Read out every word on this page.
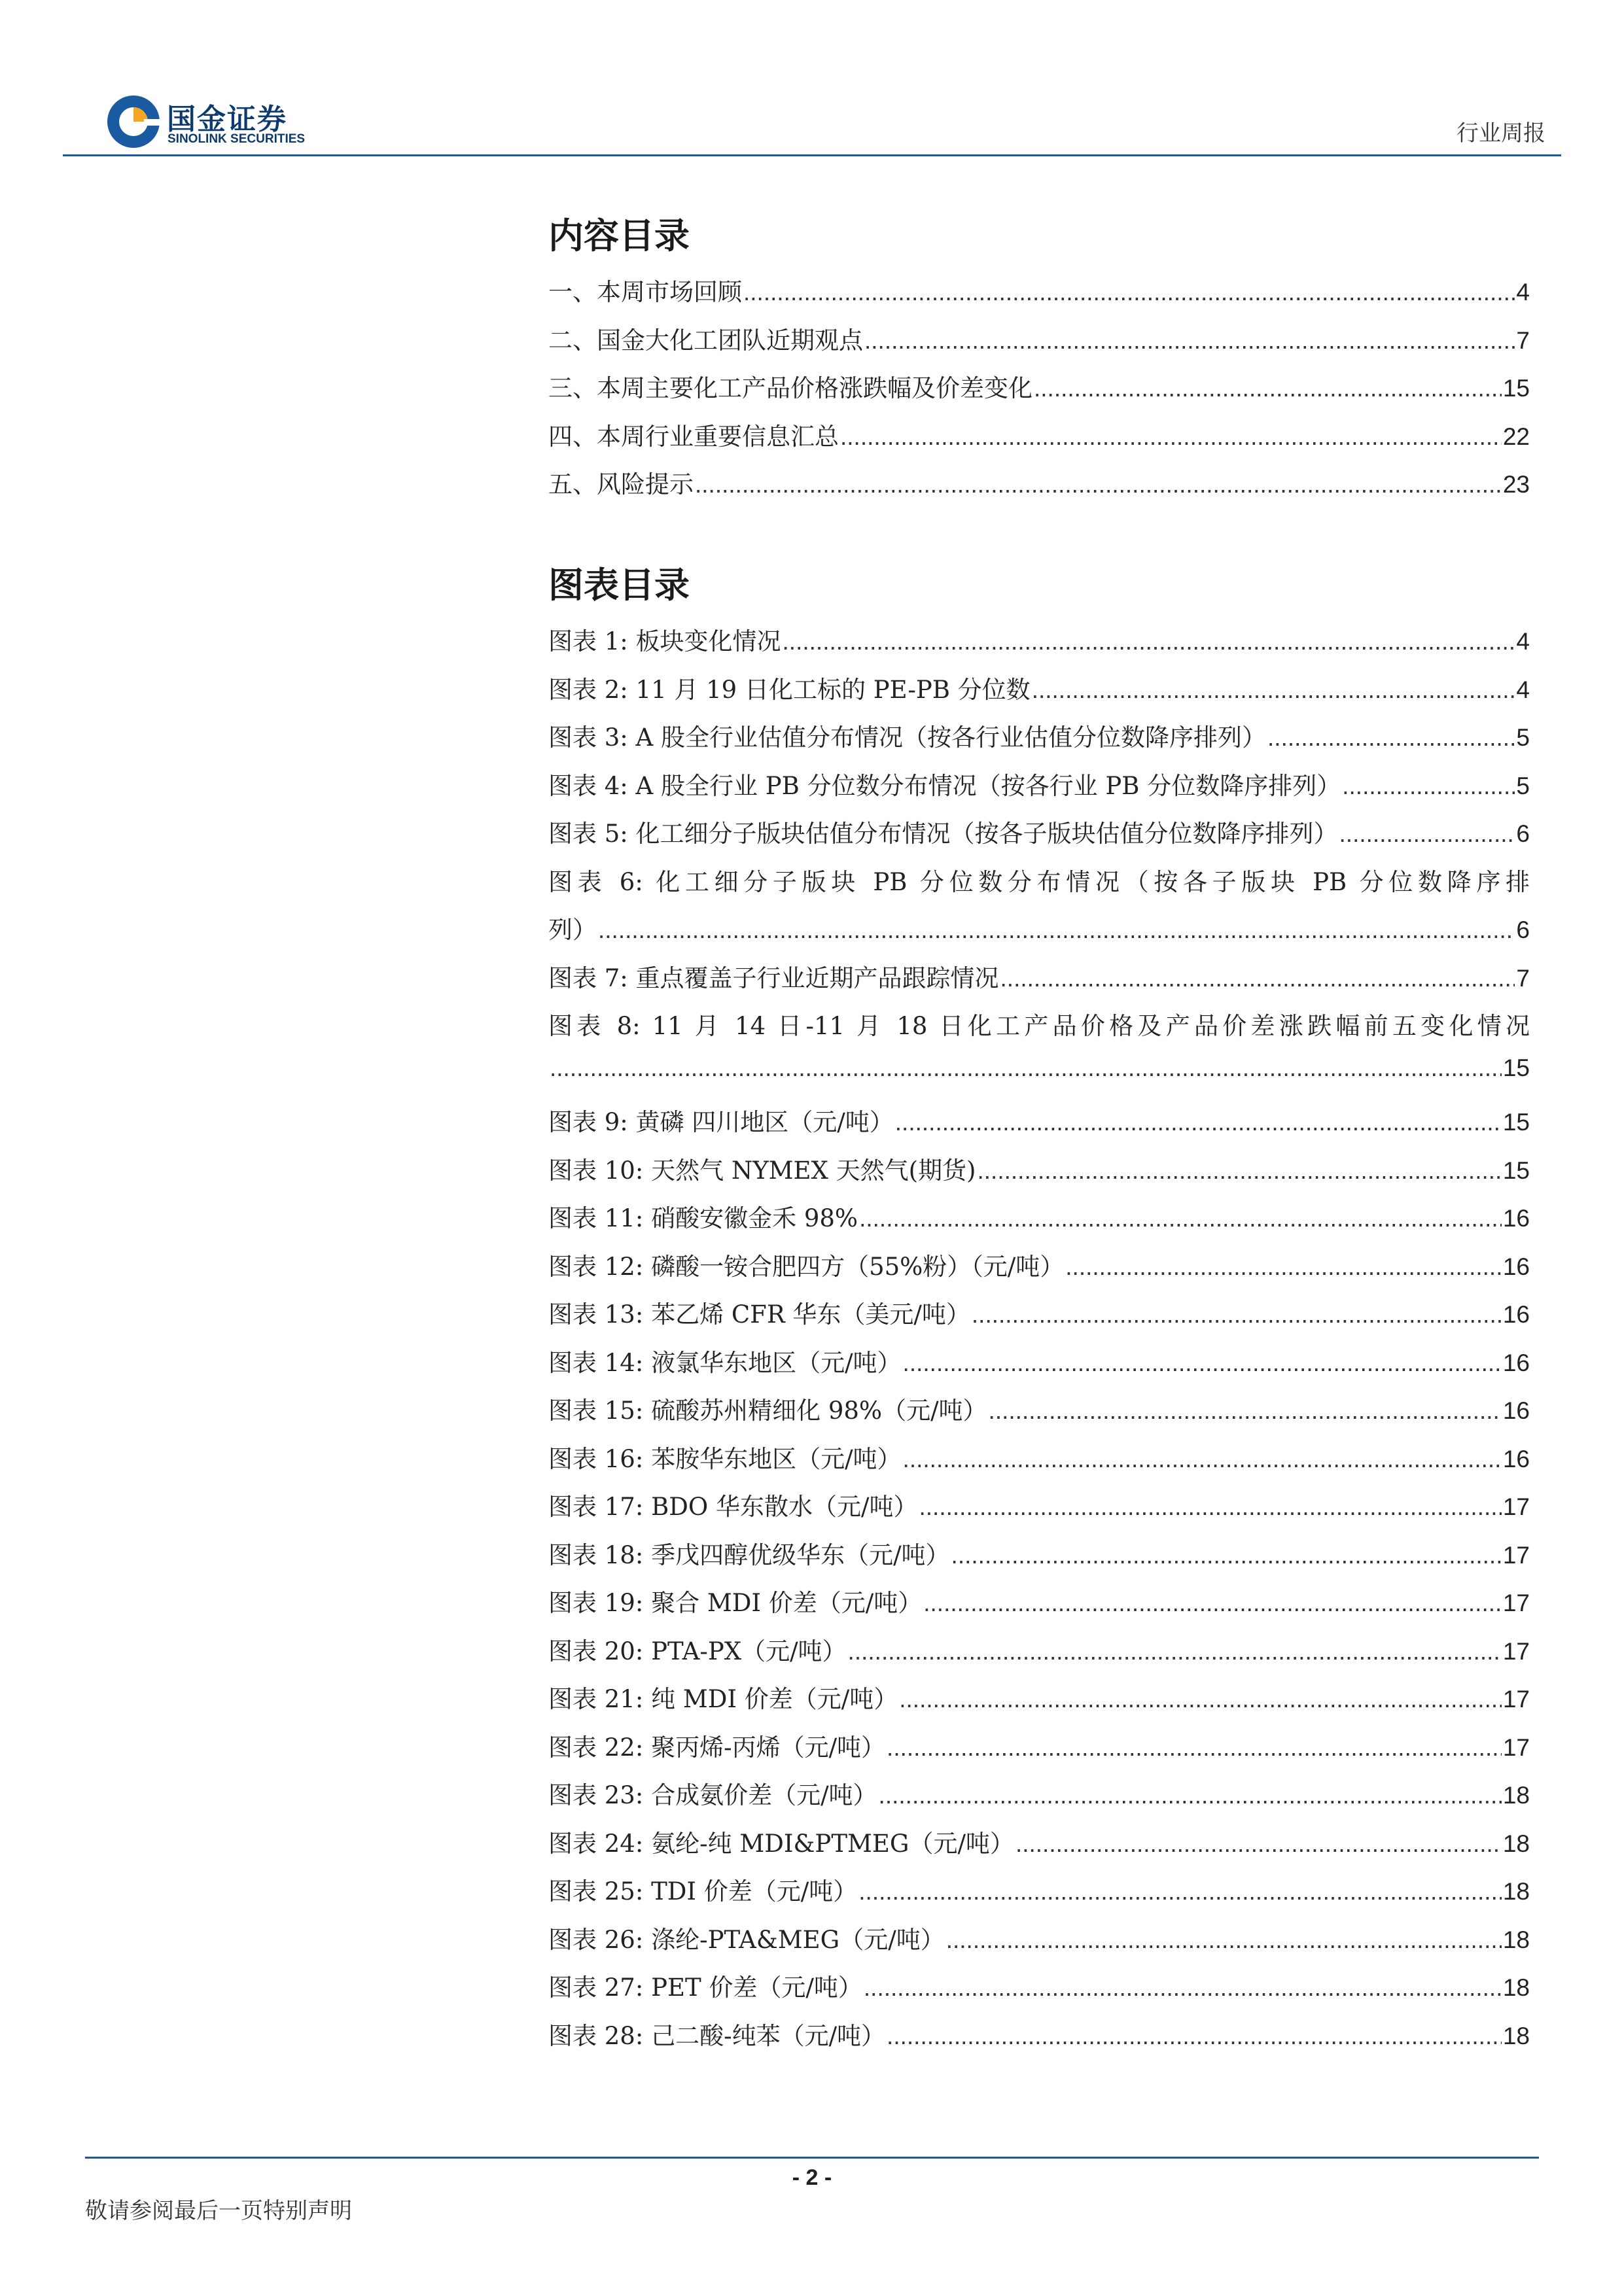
国金证券
SINOLINK SECURITIES	行业周报
内容目录
一、本周市场回顾 .....	4
二、国金大化工团队近期观点 .....	7
三、本周主要化工产品价格涨跌幅及价差变化 .....	15
四、本周行业重要信息汇总 .....	22
五、风险提示 .....	23
图表目录
图表 1: 板块变化情况 .....	4
图表 2: 11 月 19 日化工标的 PE-PB 分位数 .....	4
图表 3: A 股全行业估值分布情况（按各行业估值分位数降序排列） .....	5
图表 4: A 股全行业 PB 分位数分布情况（按各行业 PB 分位数降序排列） .....	5
图表 5: 化工细分子版块估值分布情况（按各子版块估值分位数降序排列） .....	6
图表 6: 化工细分子版块 PB 分位数分布情况（按各子版块 PB 分位数降序排
列） .....	6
图表 7: 重点覆盖子行业近期产品跟踪情况 .....	7
图表 8: 11 月 14 日-11 月 18 日化工产品价格及产品价差涨跌幅前五变化情况
.....
15
图表 9: 黄磷 四川地区（元/吨） .....	15
图表 10: 天然气 NYMEX 天然气(期货) .....	15
图表 11: 硝酸安徽金禾 98% .....	16
图表 12: 磷酸一铵合肥四方（55%粉）（元/吨） .....	16
图表 13: 苯乙烯 CFR 华东（美元/吨） .....	16
图表 14: 液氯华东地区（元/吨） .....	16
图表 15: 硫酸苏州精细化 98%（元/吨） .....	16
图表 16: 苯胺华东地区（元/吨） .....	16
图表 17: BDO 华东散水（元/吨） .....	17
图表 18: 季戊四醇优级华东（元/吨） .....	17
图表 19: 聚合 MDI 价差（元/吨） .....	17
图表 20: PTA-PX（元/吨） .....	17
图表 21: 纯 MDI 价差（元/吨） .....	17
图表 22: 聚丙烯-丙烯（元/吨） .....	17
图表 23: 合成氨价差（元/吨） .....	18
图表 24: 氨纶-纯 MDI&PTMEG（元/吨） .....	18
图表 25: TDI 价差（元/吨） .....	18
图表 26: 涤纶-PTA&MEG（元/吨） .....	18
图表 27: PET 价差（元/吨） .....	18
图表 28: 己二酸-纯苯（元/吨） .....	18
- 2 -
敬请参阅最后一页特别声明
